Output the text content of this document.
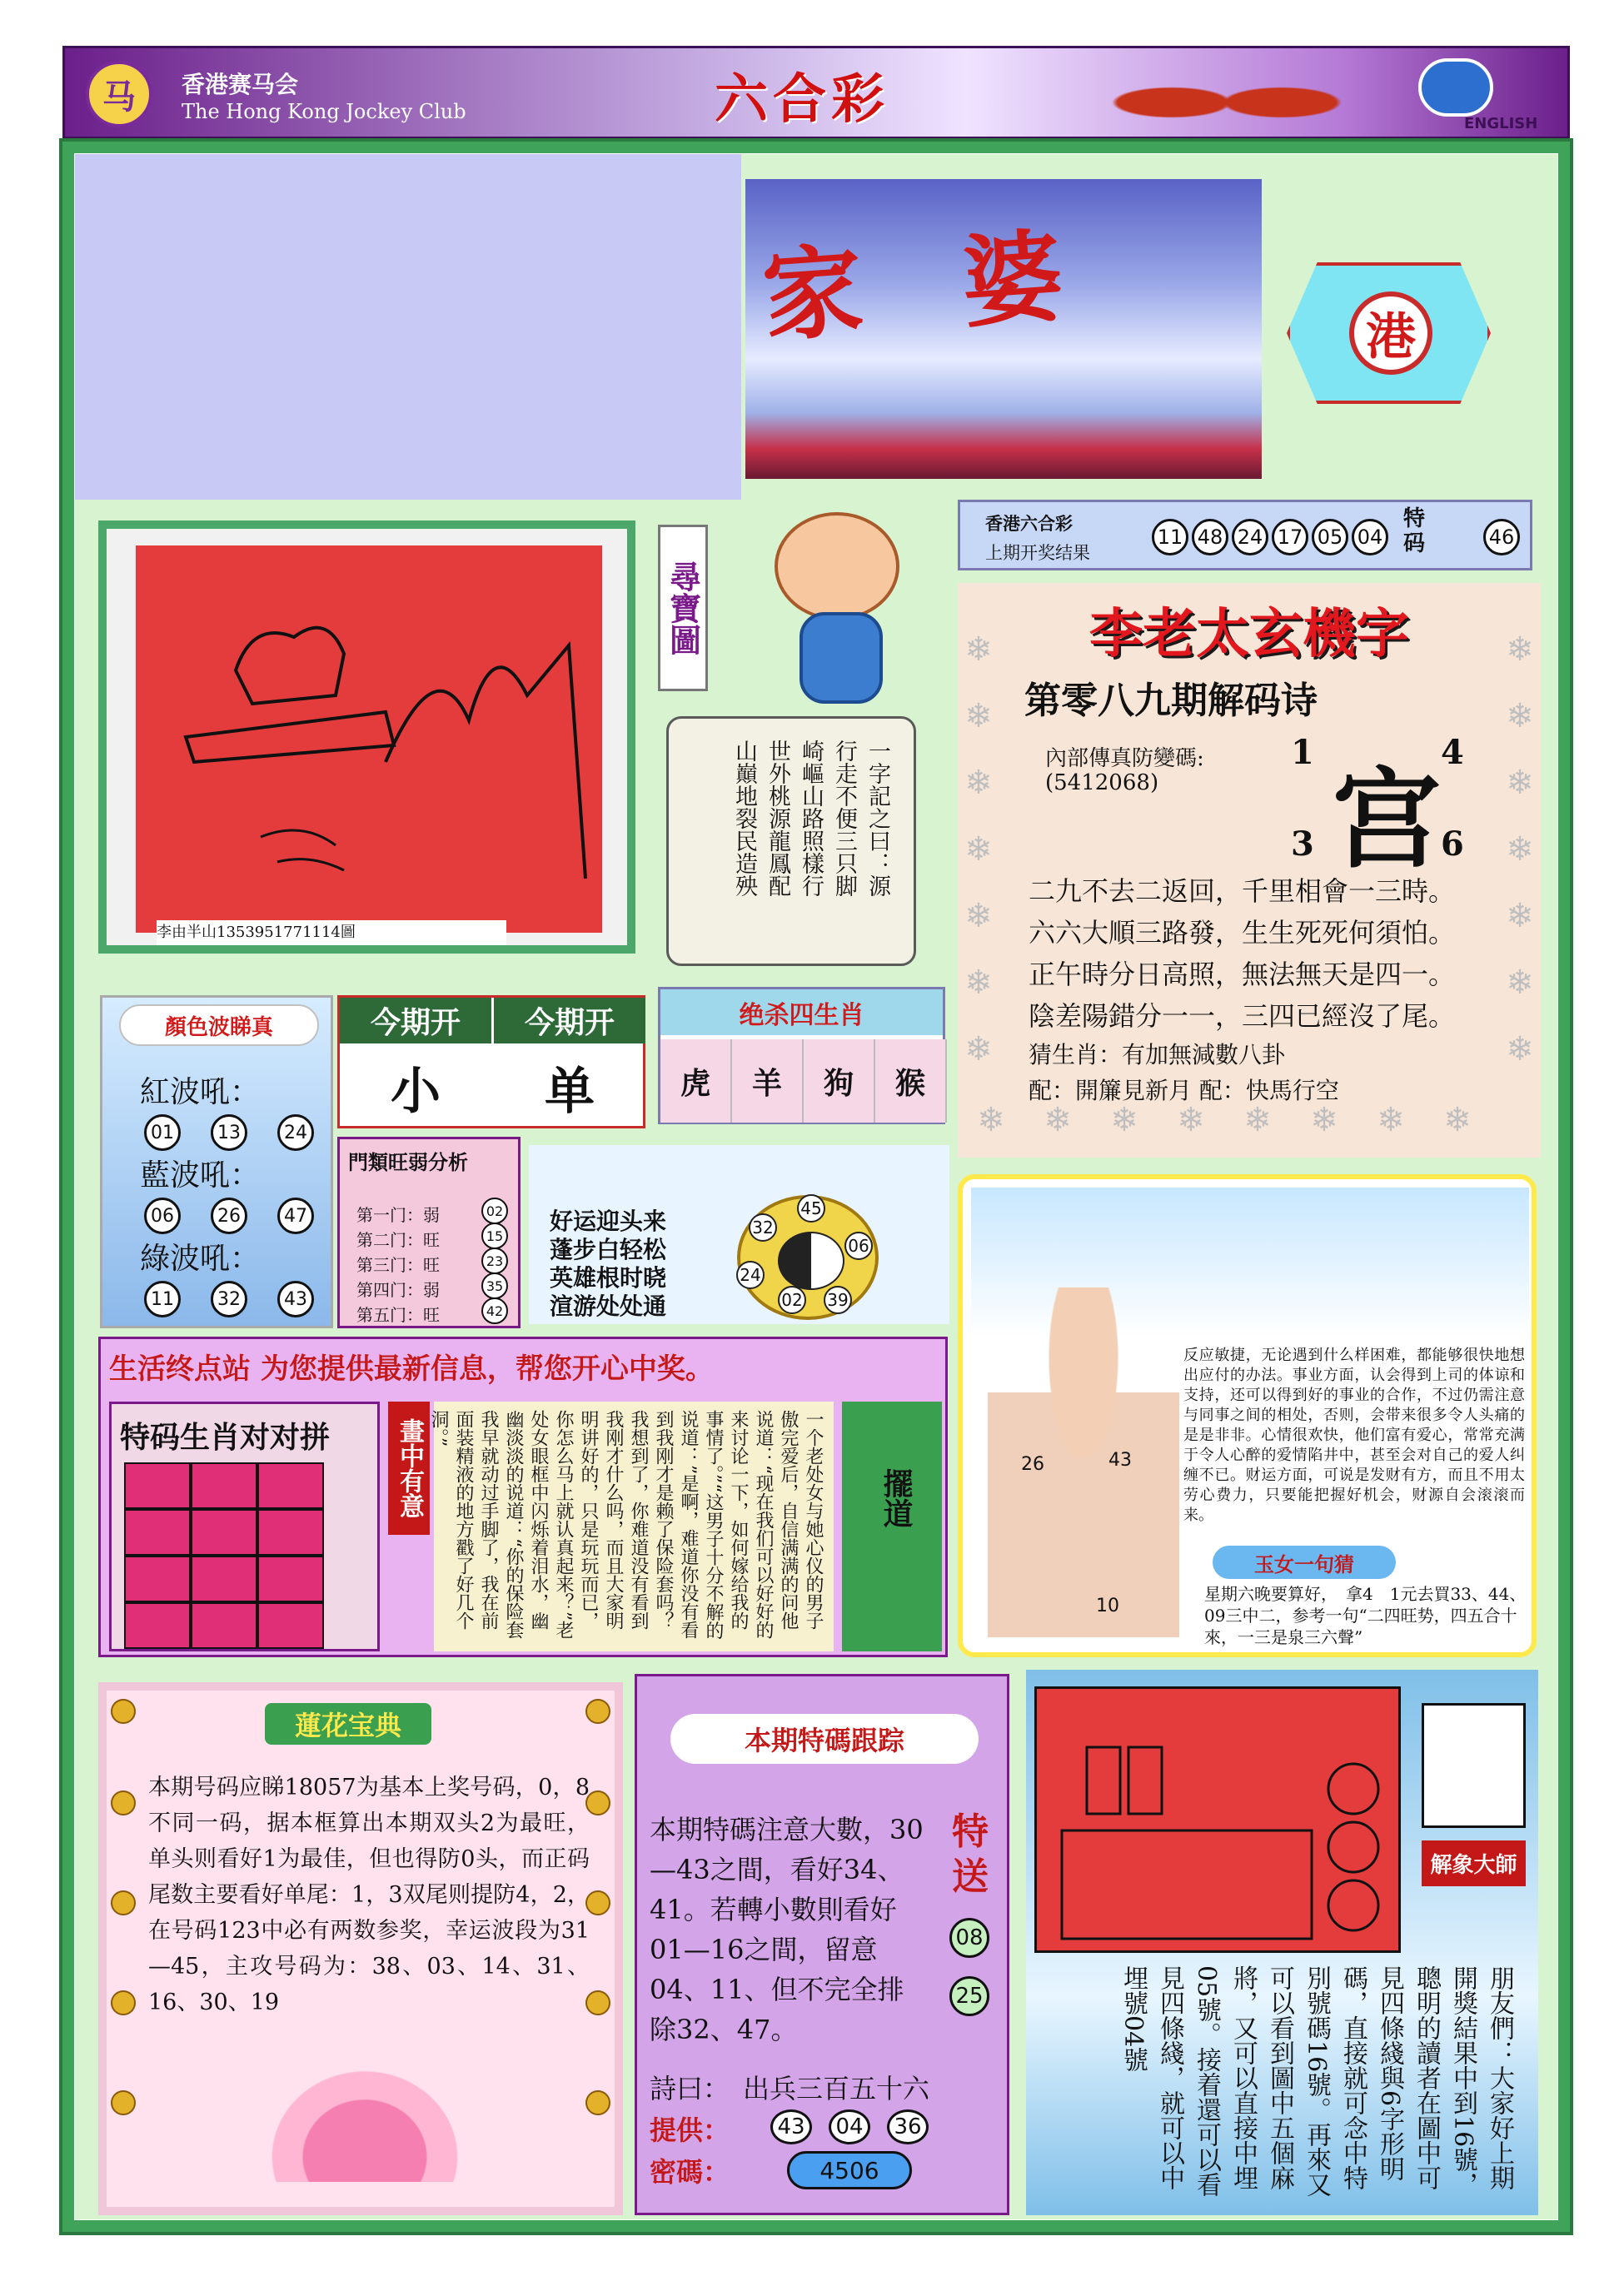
马	香港赛马会
The Hong Kong Jockey Club	六合彩	ENGLISH
家婆	港
李由半山1353951771114圖
尋寶圖
一字記之曰：源　行走不便三只脚　崎嶇山路照樣行　世外桃源龍鳳配　山巔地裂民造殃
香港六合彩
上期开奖结果
11 48 24 17 05 04
特码	46
❄
❄
❄
❄
❄
❄
❄
❄
❄
❄
❄
❄
❄
❄
❄ ❄ ❄ ❄ ❄ ❄ ❄ ❄
李老太玄機字
第零八九期解码诗
內部傳真防變碼:
(5412068) 宫
1	4
3	6
二九不去二返回，千里相會一三時。
六六大順三路發，生生死死何須怕。
正午時分日高照，無法無天是四一。
陰差陽錯分一一，三四已經沒了尾。
猜生肖：有加無減數八卦
配：開簾見新月 配：快馬行空
顏色波睇真
紅波吼：
01	13	24
藍波吼：
06	26	47
綠波吼：
11	32	43
今期开	今期开
小	单
绝杀四生肖
虎	羊	狗	猴
門類旺弱分析
第一门：弱	02
第二门：旺	15
第三门：旺	23
第四门：弱	35
第五门：旺	42
好运迎头来
蓬步白轻松
英雄根时晓
渲游处处通
45
32
06
24
02 39
生活终点站 为您提供最新信息，帮您开心中奖。
特码生肖对对拼	畫中有意	一个老处女与她心仪的男子傲完爱后，自信满满的问他说道：“现在我们可以好好的来讨论一下，如何嫁给我的事情了。”“这男子十分不解的说道：”是啊，难道你没有看到我刚才是赖了保险套吗？我想到了，你难道没有看到我刚才什么吗，而且大家明明讲好的，只是玩玩而已，你怎么马上就认真起来？”老处女眼框中闪烁着泪水，幽幽淡淡的说道：“你的保险套我早就动过手脚了，我在前面装精液的地方戳了好几个洞。”
擺道
26	43
10
反应敏捷，无论遇到什么样困难，都能够很快地想出应付的办法。事业方面，认会得到上司的体谅和支持，还可以得到好的事业的合作，不过仍需注意与同事之间的相处，否则，会带来很多令人头痛的是是非非。心情很欢快，他们富有爱心，常常充满于令人心醉的爱情陷井中，甚至会对自己的爱人纠缠不已。财运方面，可说是发财有方，而且不用太劳心费力，只要能把握好机会，财源自会滚滚而来。
玉女一句猜
星期六晚要算好，　拿4　1元去買33、44、09三中二，参考一句“二四旺势，四五合十來，一三是泉三六聲”
蓮花宝典
本期号码应睇18057为基本上奖号码，0，8不同一码，据本框算出本期双头2为最旺，单头则看好1为最佳，但也得防0头，而正码尾数主要看好单尾：1，3双尾则提防4，2，在号码123中必有两数参奖，幸运波段为31—45，主攻号码为：38、03、14、31、16、30、19
本期特碼跟踪
本期特碼注意大數，30—43之間，看好34、41。若轉小數則看好01—16之間，留意04、11、但不完全排除32、47。
特送
08
25
詩曰：　出兵三百五十六
提供：	43	04	36
密碼：	4506
解象大師
朋友們：大家好上期開獎結果中到16號，聰明的讀者在圖中可見四條綫與6字形明碼，直接就可念中特別號碼16號。再來又可以看到圖中五個麻將，又可以直接中埋05號。接着還可以看見四條綫，就可以中埋號04號
